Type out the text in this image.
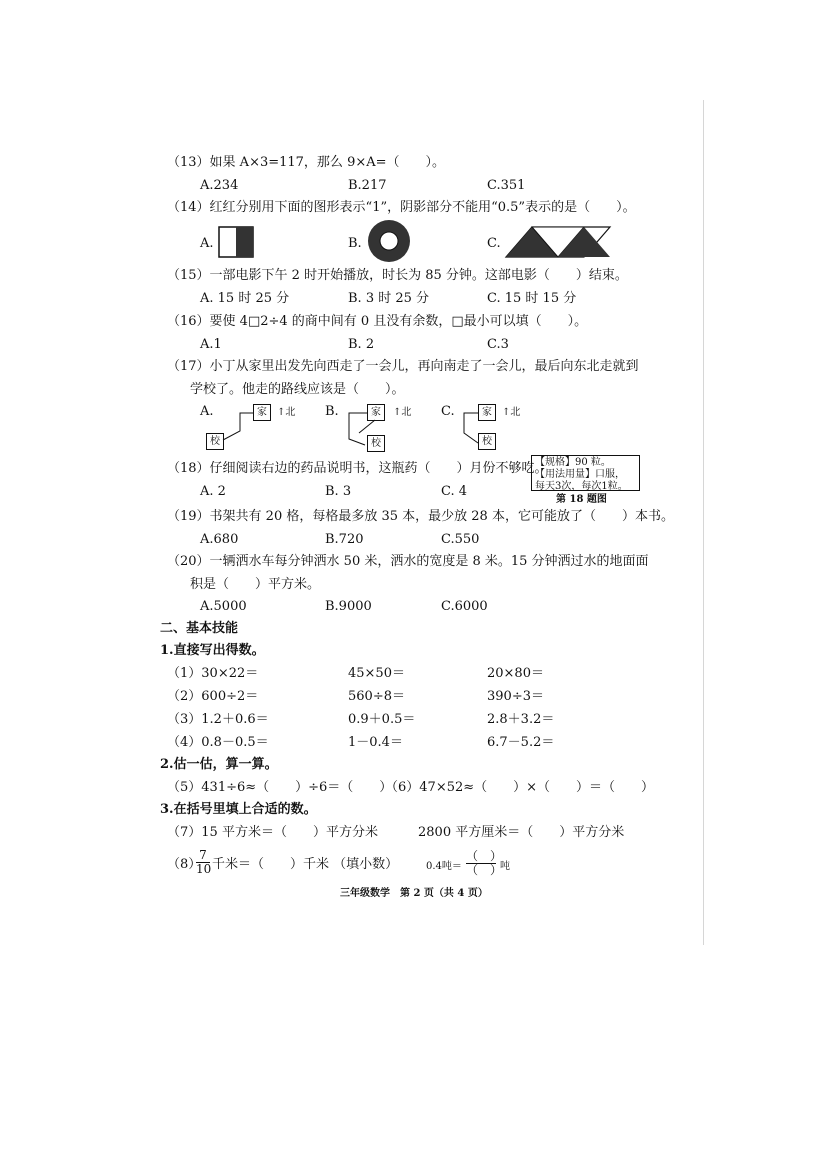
（13）如果 A×3=117，那么 9×A=（　　）。
A.234	B.217	C.351
（14）红红分别用下面的图形表示“1”，阴影部分不能用“0.5”表示的是（　　）。
A.	B.	C.
（15）一部电影下午 2 时开始播放，时长为 85 分钟。这部电影（　　）结束。
A. 15 时 25 分	B. 3 时 25 分	C. 15 时 15 分
（16）要使 4□2÷4 的商中间有 0 且没有余数，□最小可以填（　　）。
A.1	B. 2	C.3
（17）小丁从家里出发先向西走了一会儿，再向南走了一会儿，最后向东北走就到
学校了。他走的路线应该是（　　）。
A.	B.	C.
家
校
↑北	家
校
↑北	家
校
↑北
（18）仔细阅读右边的药品说明书，这瓶药（　　）月份不够吃。
A. 2	B. 3	C. 4
【规格】90 粒。
【用法用量】口服，
每天3次，每次1粒。
第 18 题图
（19）书架共有 20 格，每格最多放 35 本，最少放 28 本，它可能放了（　　）本书。
A.680	B.720	C.550
（20）一辆洒水车每分钟洒水 50 米，洒水的宽度是 8 米。15 分钟洒过水的地面面
积是（　　）平方米。
A.5000	B.9000	C.6000
二、基本技能
1.直接写出得数。
（1）30×22＝	45×50＝	20×80＝
（2）600÷2＝	560÷8＝	390÷3＝
（3）1.2＋0.6＝	0.9＋0.5＝	2.8＋3.2＝
（4）0.8－0.5＝	1－0.4＝	6.7－5.2＝
2.估一估，算一算。
（5）431÷6≈（　　）÷6＝（　　）
（6）47×52≈（　　）×（　　）＝（　　）
3.在括号里填上合适的数。
（7）15 平方米＝（　　）平方分米	2800 平方厘米＝（　　）平方分米
（8）
$\frac{7}{10}$ 千米＝（　　）千米 （填小数）	0.4吨＝
（　）
（　）
吨
三年级数学　第 2 页（共 4 页）
